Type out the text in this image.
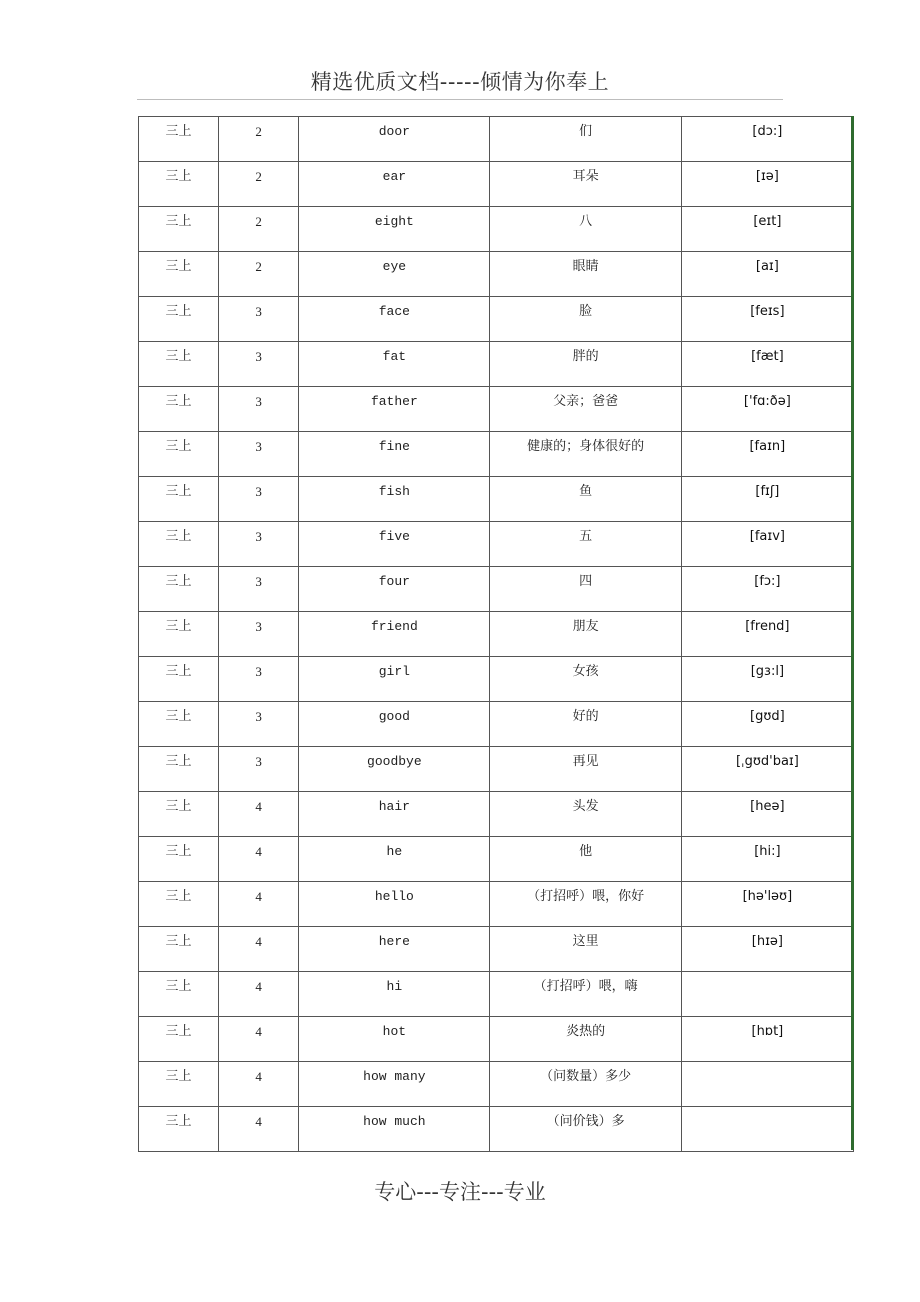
精选优质文档-----倾情为你奉上
三上	2	door	们	[dɔ:]
三上	2	ear	耳朵	[ɪə]
三上	2	eight	八	[eɪt]
三上	2	eye	眼睛	[aɪ]
三上	3	face	脸	[feɪs]
三上	3	fat	胖的	[fæt]
三上	3	father	父亲；爸爸	['fɑ:ðə]
三上	3	fine	健康的；身体很好的	[faɪn]
三上	3	fish	鱼	[fɪʃ]
三上	3	five	五	[faɪv]
三上	3	four	四	[fɔ:]
三上	3	friend	朋友	[frend]
三上	3	girl	女孩	[gɜ:l]
三上	3	good	好的	[gʊd]
三上	3	goodbye	再见	[ˌgʊd'baɪ]
三上	4	hair	头发	[heə]
三上	4	he	他	[hi:]
三上	4	hello	（打招呼）喂，你好	[hə'ləʊ]
三上	4	here	这里	[hɪə]
三上	4	hi	（打招呼）喂，嗨	
三上	4	hot	炎热的	[hɒt]
三上	4	how many	（问数量）多少	
三上	4	how much	（问价钱）多	
专心---专注---专业
